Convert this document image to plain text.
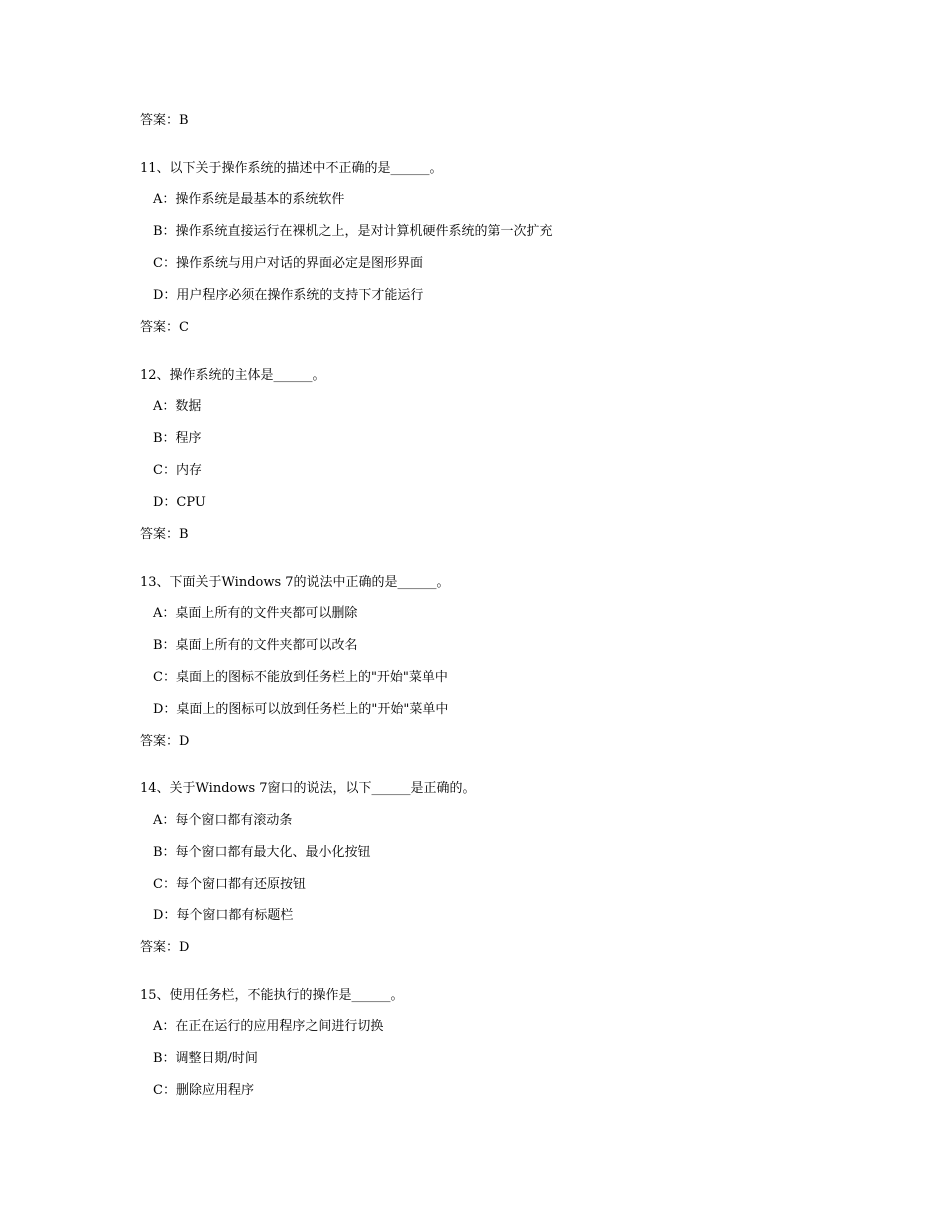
答案：B
11、以下关于操作系统的描述中不正确的是______。
A：操作系统是最基本的系统软件
B：操作系统直接运行在裸机之上，是对计算机硬件系统的第一次扩充
C：操作系统与用户对话的界面必定是图形界面
D：用户程序必须在操作系统的支持下才能运行
答案：C
12、操作系统的主体是______。
A：数据
B：程序
C：内存
D：CPU
答案：B
13、下面关于Windows 7的说法中正确的是______。
A：桌面上所有的文件夹都可以删除
B：桌面上所有的文件夹都可以改名
C：桌面上的图标不能放到任务栏上的"开始"菜单中
D：桌面上的图标可以放到任务栏上的"开始"菜单中
答案：D
14、关于Windows 7窗口的说法，以下______是正确的。
A：每个窗口都有滚动条
B：每个窗口都有最大化、最小化按钮
C：每个窗口都有还原按钮
D：每个窗口都有标题栏
答案：D
15、使用任务栏，不能执行的操作是______。
A：在正在运行的应用程序之间进行切换
B：调整日期/时间
C：删除应用程序
